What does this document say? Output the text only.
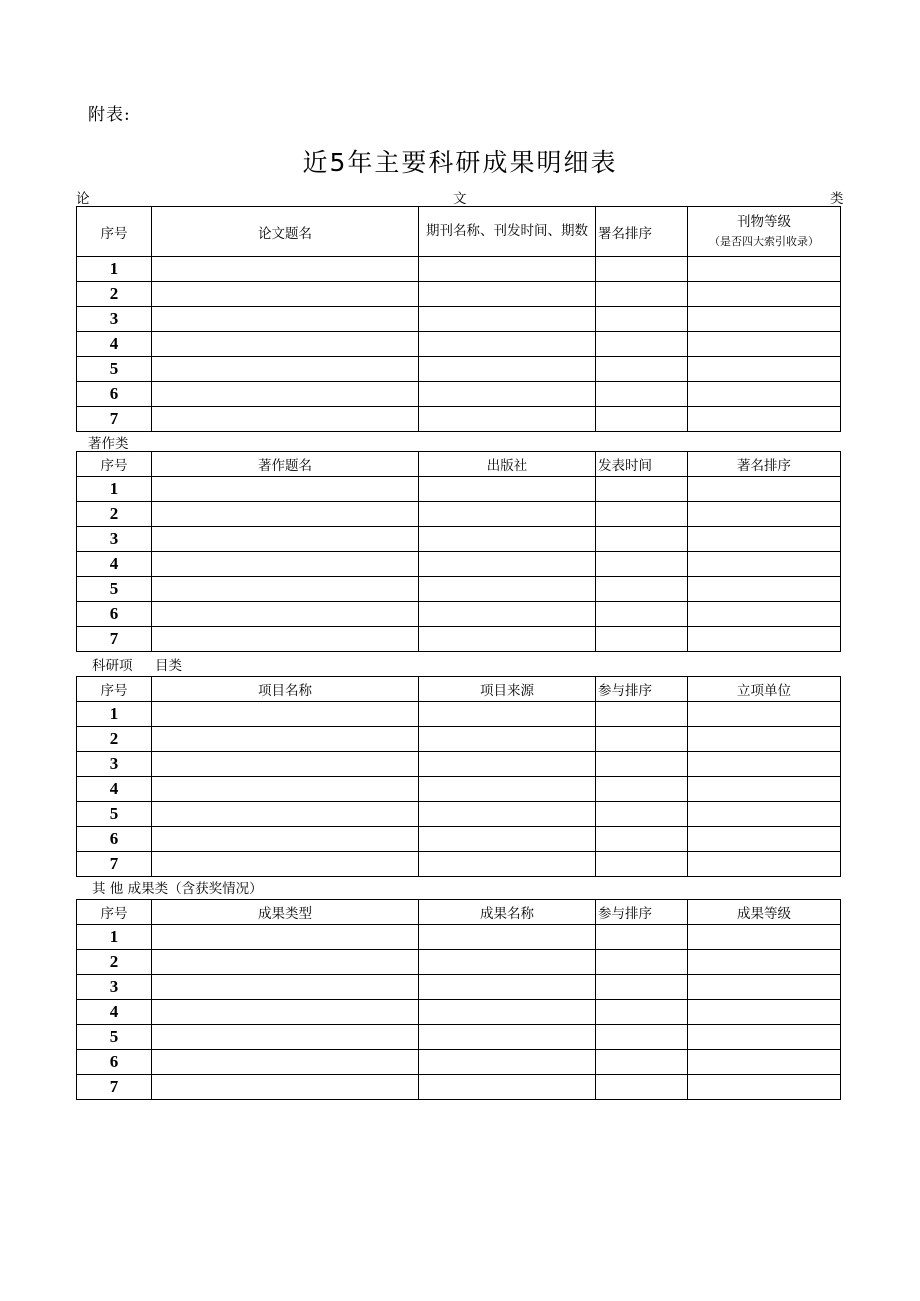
附表:
近5年主要科研成果明细表
论	文	类
序号	论文题名	期刊名称、刊发时间、期数	署名排序	刊物等级
（是否四大索引收录）

1				
2				
3				
4				
5				
6				
7				
著作类
序号	著作题名	出版社	发表时间	著名排序
1				
2				
3				
4				
5				
6				
7				
科研项 目类
序号	项目名称	项目来源	参与排序	立项单位
1				
2				
3				
4				
5				
6				
7				
其 他 成果类（含获奖情况）
序号	成果类型	成果名称	参与排序	成果等级
1				
2				
3				
4				
5				
6				
7				
